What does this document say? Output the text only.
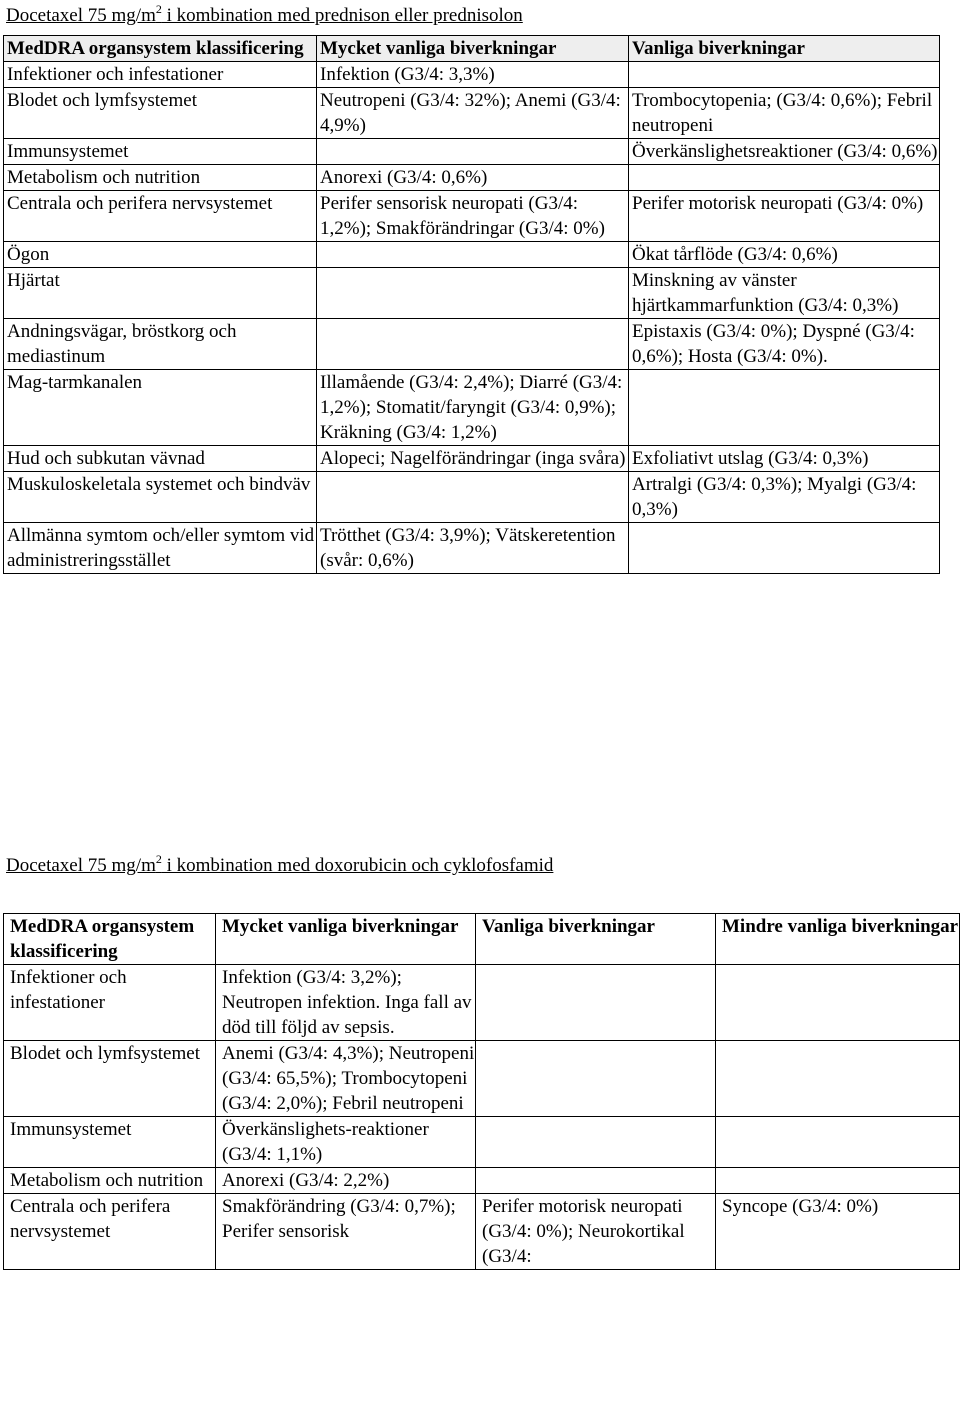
Docetaxel 75 $mg/m^2$ i kombination med prednison eller prednisolon
MedDRA organsystem klassificering	Mycket vanliga biverkningar	Vanliga biverkningar
Infektioner och infestationer	Infektion (G3/4: 3,3%)	
Blodet och lymfsystemet	Neutropeni (G3/4: 32%); Anemi (G3/4: 4,9%)	Trombocytopenia; (G3/4: 0,6%); Febril neutropeni
Immunsystemet		Överkänslighetsreaktioner (G3/4: 0,6%)
Metabolism och nutrition	Anorexi (G3/4: 0,6%)	
Centrala och perifera nervsystemet	Perifer sensorisk neuropati (G3/4: 1,2%); Smakförändringar (G3/4: 0%)	Perifer motorisk neuropati (G3/4: 0%)
Ögon		Ökat tårflöde (G3/4: 0,6%)
Hjärtat		Minskning av vänster hjärtkammarfunktion (G3/4: 0,3%)
Andningsvägar, bröstkorg och mediastinum		Epistaxis (G3/4: 0%); Dyspné (G3/4: 0,6%); Hosta (G3/4: 0%).
Mag-tarmkanalen	Illamående (G3/4: 2,4%); Diarré (G3/4: 1,2%); Stomatit/faryngit (G3/4: 0,9%); Kräkning (G3/4: 1,2%)	
Hud och subkutan vävnad	Alopeci; Nagelförändringar (inga svåra)	Exfoliativt utslag (G3/4: 0,3%)
Muskuloskeletala systemet och bindväv		Artralgi (G3/4: 0,3%); Myalgi (G3/4: 0,3%)
Allmänna symtom och/eller symtom vid administreringsstället	Trötthet (G3/4: 3,9%); Vätskeretention (svår: 0,6%)	
Docetaxel 75 $mg/m^2$ i kombination med doxorubicin och cyklofosfamid
MedDRA organsystem klassificering	Mycket vanliga biverkningar	Vanliga biverkningar	Mindre vanliga biverkningar
Infektioner och infestationer	Infektion (G3/4: 3,2%); Neutropen infektion. Inga fall av död till följd av sepsis.		
Blodet och lymfsystemet	Anemi (G3/4: 4,3%); Neutropeni (G3/4: 65,5%); Trombocytopeni (G3/4: 2,0%); Febril neutropeni		
Immunsystemet	Överkänslighets-reaktioner (G3/4: 1,1%)		
Metabolism och nutrition	Anorexi (G3/4: 2,2%)		
Centrala och perifera nervsystemet	Smakförändring (G3/4: 0,7%); Perifer sensorisk	Perifer motorisk neuropati (G3/4: 0%); Neurokortikal (G3/4:	Syncope (G3/4: 0%)
